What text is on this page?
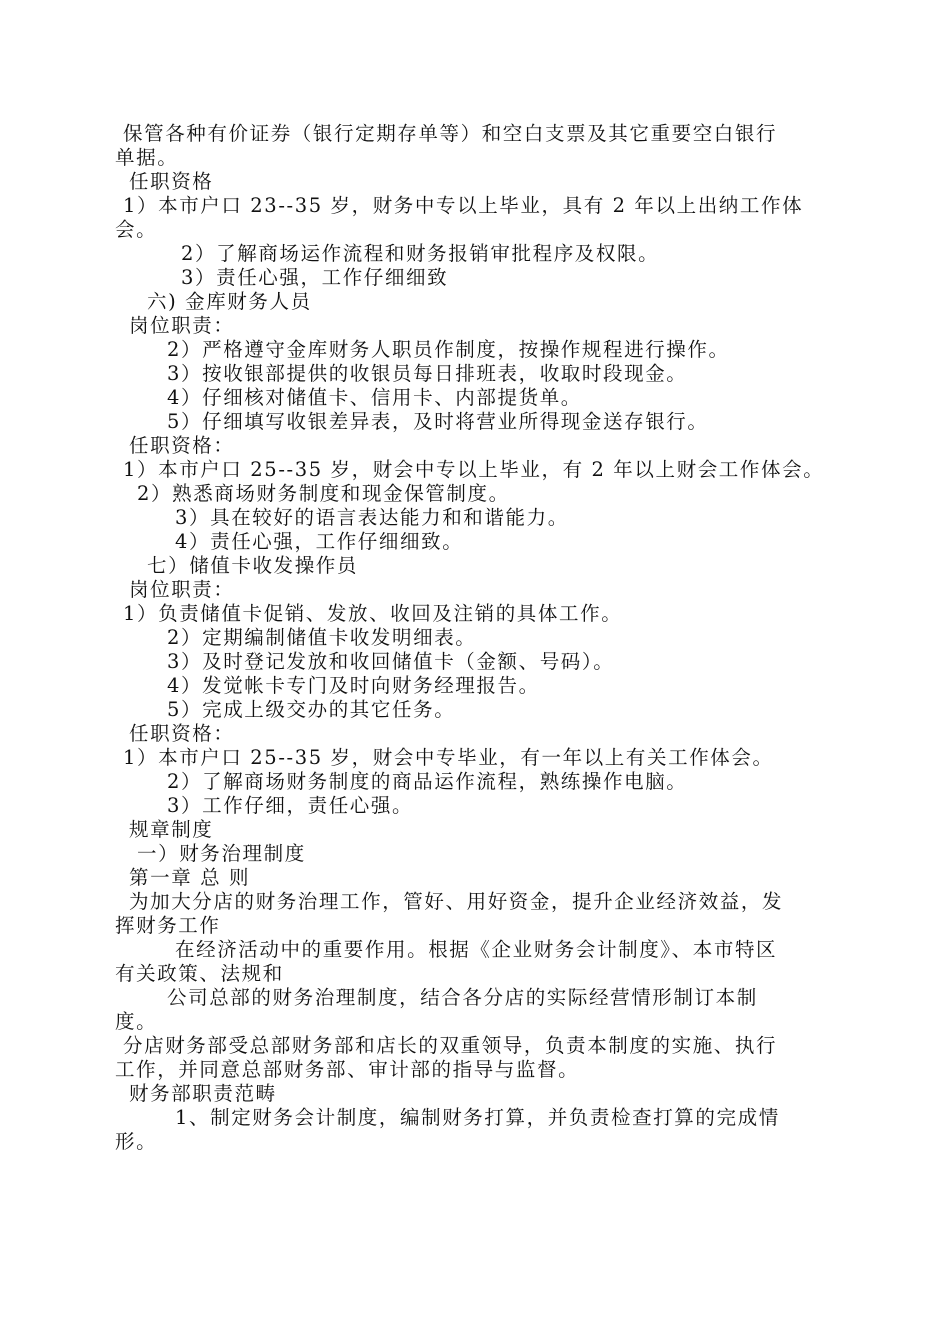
保管各种有价证券（银行定期存单等）和空白支票及其它重要空白银行
单据。
任职资格
1）本市户口 23--35 岁，财务中专以上毕业，具有 2 年以上出纳工作体
会。
2）了解商场运作流程和财务报销审批程序及权限。
3）责任心强，工作仔细细致
六) 金库财务人员
岗位职责：
2）严格遵守金库财务人职员作制度，按操作规程进行操作。
3）按收银部提供的收银员每日排班表，收取时段现金。
4）仔细核对储值卡、信用卡、内部提货单。
5）仔细填写收银差异表，及时将营业所得现金送存银行。
任职资格：
1）本市户口 25--35 岁，财会中专以上毕业，有 2 年以上财会工作体会。
2）熟悉商场财务制度和现金保管制度。
3）具在较好的语言表达能力和和谐能力。
4）责任心强，工作仔细细致。
七）储值卡收发操作员
岗位职责：
1）负责储值卡促销、发放、收回及注销的具体工作。
2）定期编制储值卡收发明细表。
3）及时登记发放和收回储值卡（金额、号码）。
4）发觉帐卡专门及时向财务经理报告。
5）完成上级交办的其它任务。
任职资格：
1）本市户口 25--35 岁，财会中专毕业，有一年以上有关工作体会。
2）了解商场财务制度的商品运作流程，熟练操作电脑。
3）工作仔细，责任心强。
规章制度
一）财务治理制度
第一章 总 则
为加大分店的财务治理工作，管好、用好资金，提升企业经济效益，发
挥财务工作
在经济活动中的重要作用。根据《企业财务会计制度》、本市特区
有关政策、法规和
公司总部的财务治理制度，结合各分店的实际经营情形制订本制
度。
分店财务部受总部财务部和店长的双重领导，负责本制度的实施、执行
工作，并同意总部财务部、审计部的指导与监督。
财务部职责范畴
1、制定财务会计制度，编制财务打算，并负责检查打算的完成情
形。
